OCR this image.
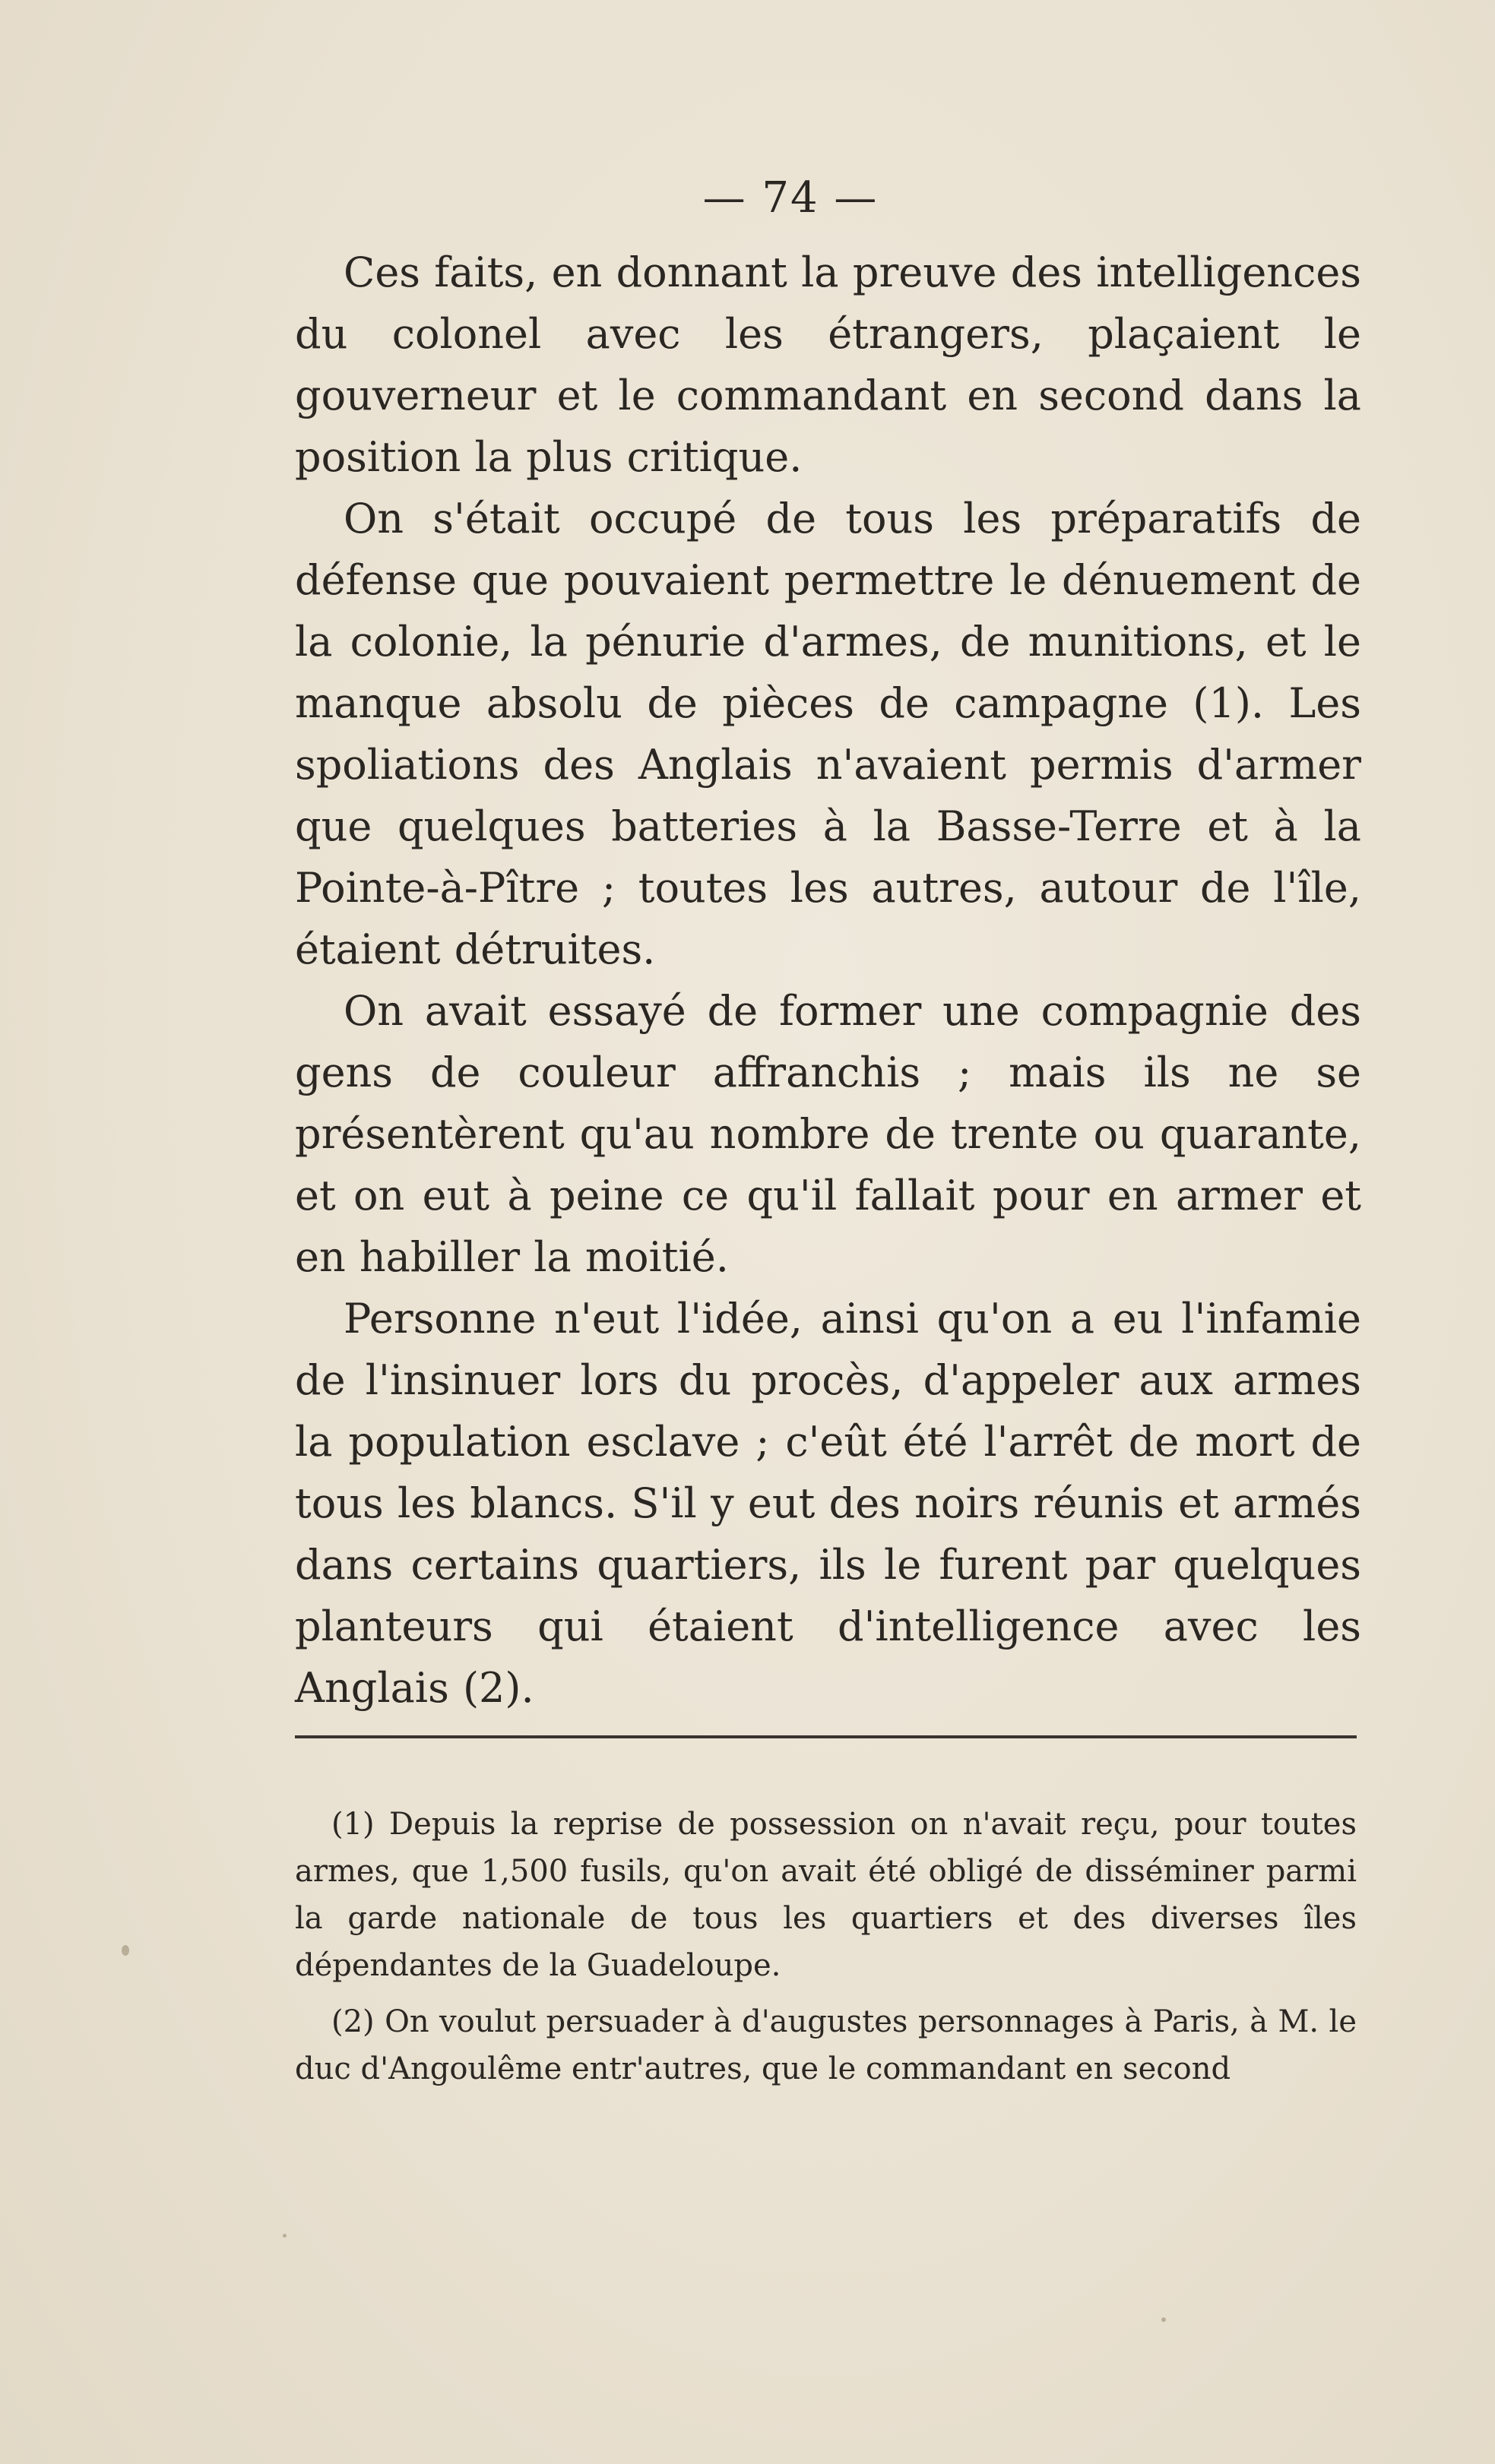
— 74 —

Ces faits, en donnant la preuve des intelligences du colonel avec les étrangers, plaçaient le gouverneur et le commandant en second dans la position la plus critique.

On s'était occupé de tous les préparatifs de défense que pouvaient permettre le dénuement de la colonie, la pénurie d'armes, de munitions, et le manque absolu de pièces de campagne (1). Les spoliations des Anglais n'avaient permis d'armer que quelques batteries à la Basse-Terre et à la Pointe-à-Pître ; toutes les autres, autour de l'île, étaient détruites.

On avait essayé de former une compagnie des gens de couleur affranchis ; mais ils ne se présentèrent qu'au nombre de trente ou quarante, et on eut à peine ce qu'il fallait pour en armer et en habiller la moitié.

Personne n'eut l'idée, ainsi qu'on a eu l'infamie de l'insinuer lors du procès, d'appeler aux armes la population esclave ; c'eût été l'arrêt de mort de tous les blancs. S'il y eut des noirs réunis et armés dans certains quartiers, ils le furent par quelques planteurs qui étaient d'intelligence avec les Anglais (2).

(1) Depuis la reprise de possession on n'avait reçu, pour toutes armes, que 1,500 fusils, qu'on avait été obligé de disséminer parmi la garde nationale de tous les quartiers et des diverses îles dépendantes de la Guadeloupe.

(2) On voulut persuader à d'augustes personnages à Paris, à M. le duc d'Angoulême entr'autres, que le commandant en second
